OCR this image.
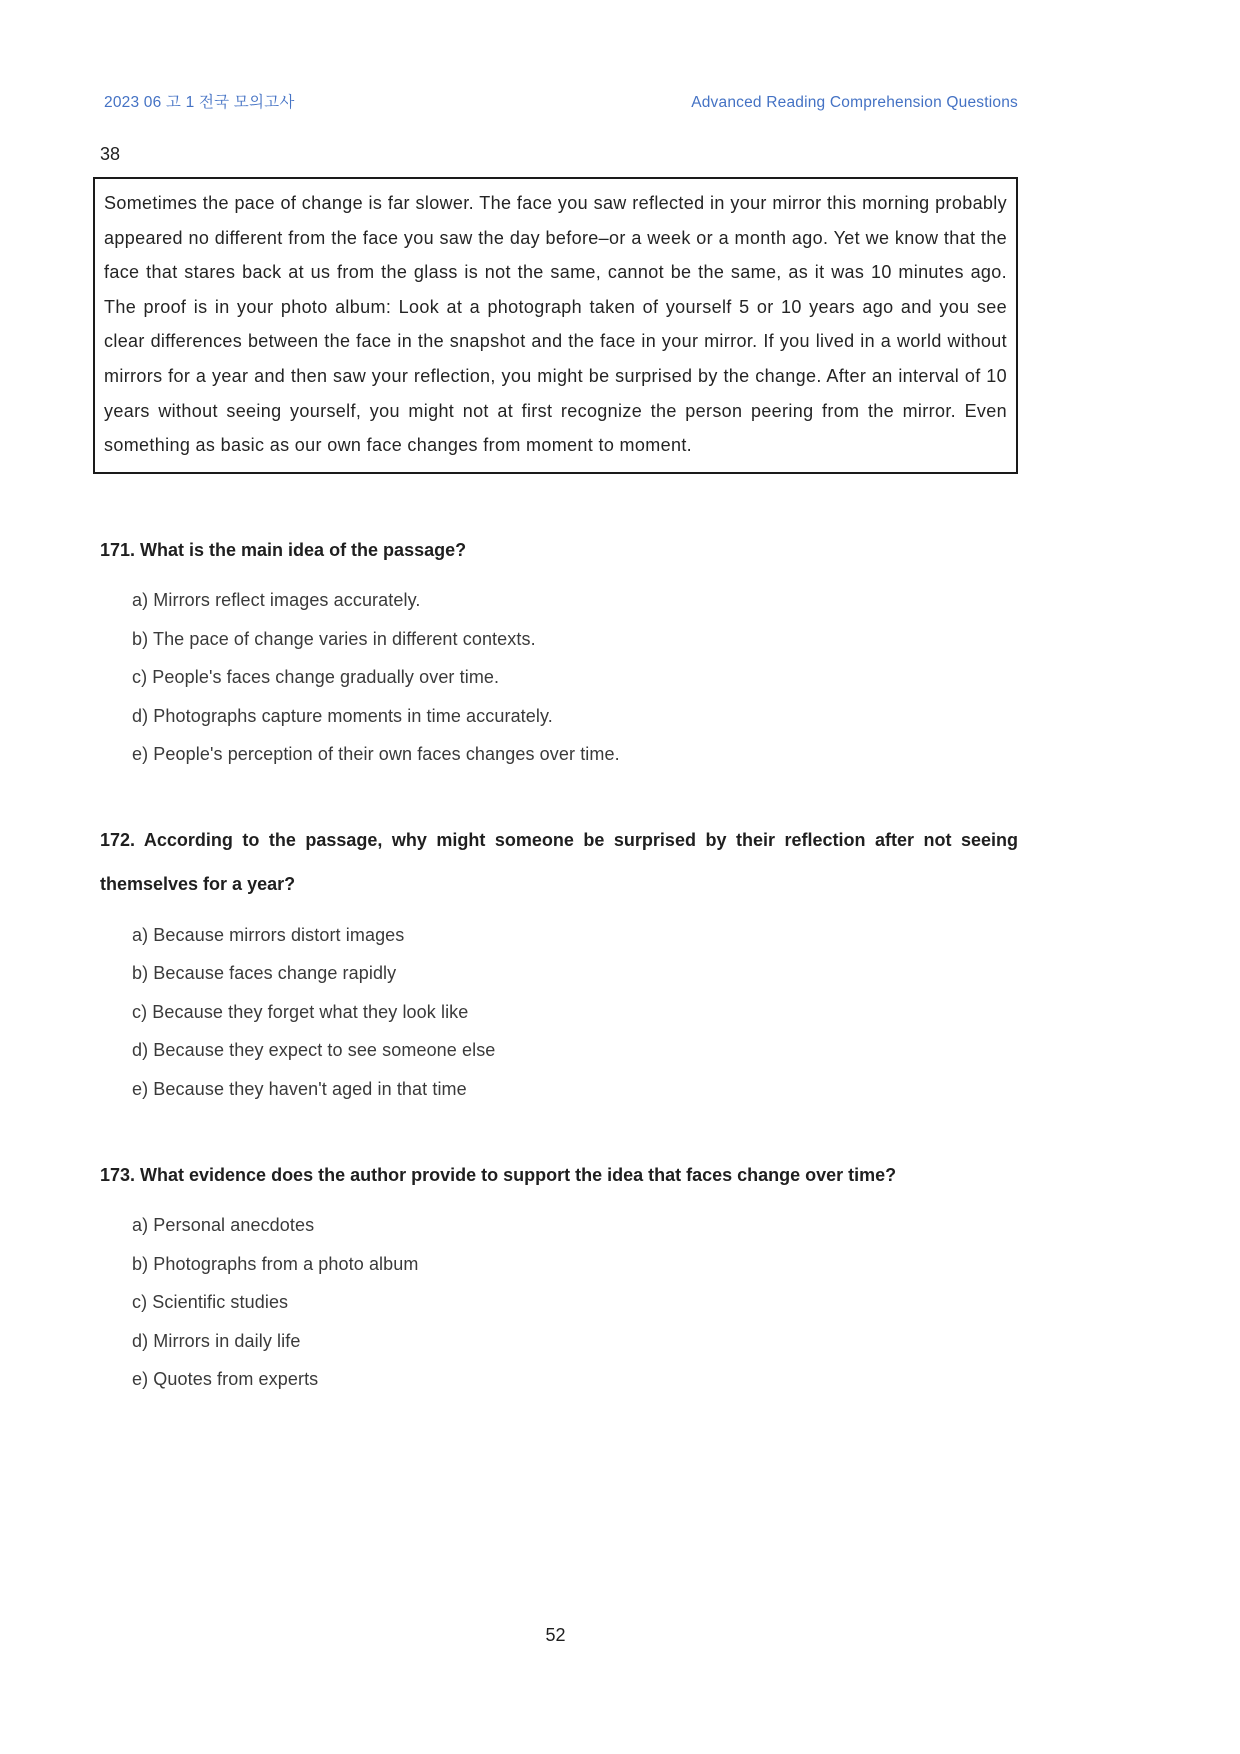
2023 06 고 1 전국 모의고사	Advanced Reading Comprehension Questions
38
Sometimes the pace of change is far slower. The face you saw reflected in your mirror this morning probably appeared no different from the face you saw the day before–or a week or a month ago. Yet we know that the face that stares back at us from the glass is not the same, cannot be the same, as it was 10 minutes ago. The proof is in your photo album: Look at a photograph taken of yourself 5 or 10 years ago and you see clear differences between the face in the snapshot and the face in your mirror. If you lived in a world without mirrors for a year and then saw your reflection, you might be surprised by the change. After an interval of 10 years without seeing yourself, you might not at first recognize the person peering from the mirror. Even something as basic as our own face changes from moment to moment.
171. What is the main idea of the passage?
a) Mirrors reflect images accurately.
b) The pace of change varies in different contexts.
c) People's faces change gradually over time.
d) Photographs capture moments in time accurately.
e) People's perception of their own faces changes over time.
172. According to the passage, why might someone be surprised by their reflection after not seeing themselves for a year?
a) Because mirrors distort images
b) Because faces change rapidly
c) Because they forget what they look like
d) Because they expect to see someone else
e) Because they haven't aged in that time
173. What evidence does the author provide to support the idea that faces change over time?
a) Personal anecdotes
b) Photographs from a photo album
c) Scientific studies
d) Mirrors in daily life
e) Quotes from experts
52
